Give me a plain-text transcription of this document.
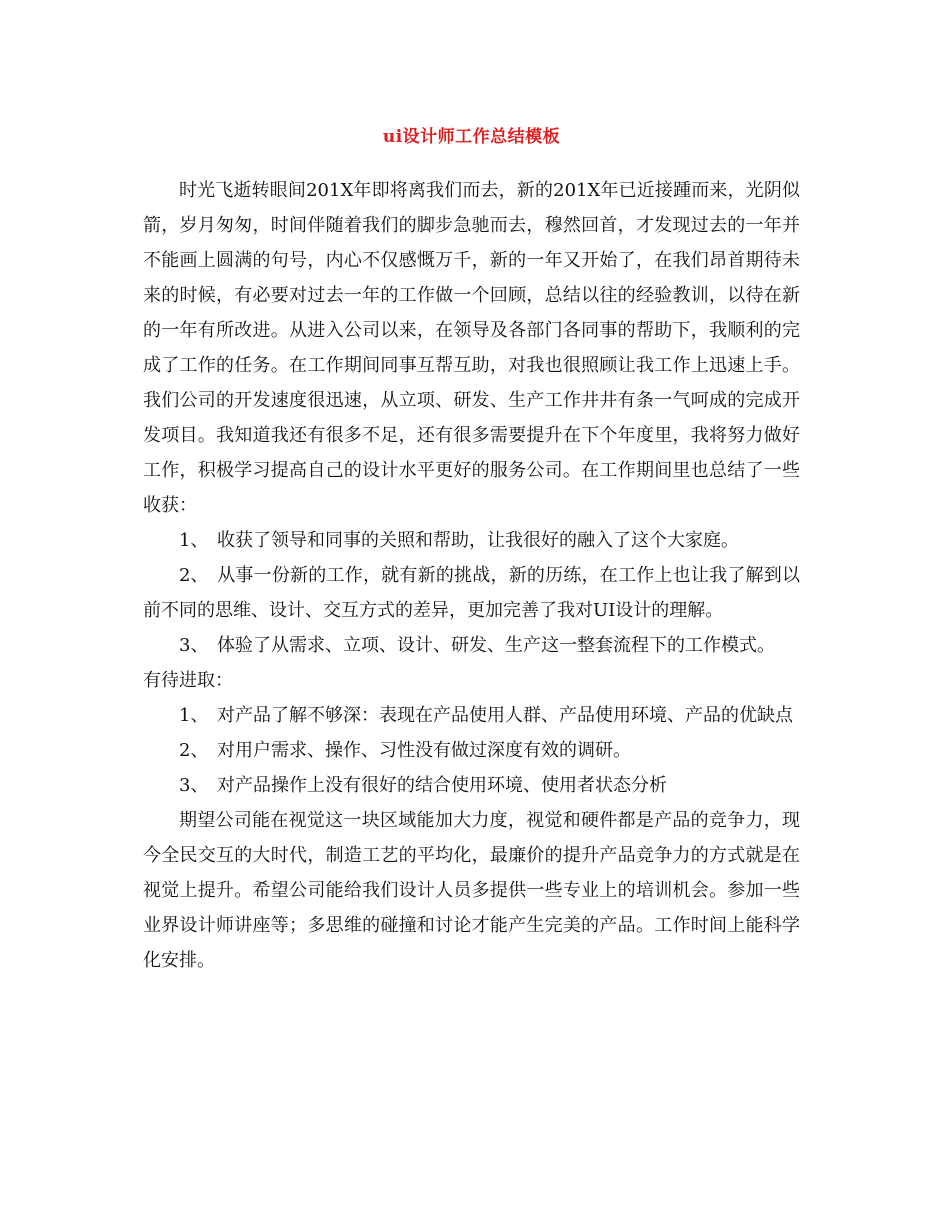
ui设计师工作总结模板

时光飞逝转眼间201X年即将离我们而去，新的201X年已近接踵而来，光阴似箭，岁月匆匆，时间伴随着我们的脚步急驰而去，穆然回首，才发现过去的一年并不能画上圆满的句号，内心不仅感慨万千，新的一年又开始了，在我们昂首期待未来的时候，有必要对过去一年的工作做一个回顾，总结以往的经验教训，以待在新的一年有所改进。从进入公司以来，在领导及各部门各同事的帮助下，我顺利的完成了工作的任务。在工作期间同事互帮互助，对我也很照顾让我工作上迅速上手。我们公司的开发速度很迅速，从立项、研发、生产工作井井有条一气呵成的完成开发项目。我知道我还有很多不足，还有很多需要提升在下个年度里，我将努力做好工作，积极学习提高自己的设计水平更好的服务公司。在工作期间里也总结了一些收获：

1、 收获了领导和同事的关照和帮助，让我很好的融入了这个大家庭。

2、 从事一份新的工作，就有新的挑战，新的历练，在工作上也让我了解到以前不同的思维、设计、交互方式的差异，更加完善了我对UI设计的理解。

3、 体验了从需求、立项、设计、研发、生产这一整套流程下的工作模式。

有待进取：

1、 对产品了解不够深：表现在产品使用人群、产品使用环境、产品的优缺点

2、 对用户需求、操作、习性没有做过深度有效的调研。

3、 对产品操作上没有很好的结合使用环境、使用者状态分析

期望公司能在视觉这一块区域能加大力度，视觉和硬件都是产品的竞争力，现今全民交互的大时代，制造工艺的平均化，最廉价的提升产品竞争力的方式就是在视觉上提升。希望公司能给我们设计人员多提供一些专业上的培训机会。参加一些业界设计师讲座等；多思维的碰撞和讨论才能产生完美的产品。工作时间上能科学化安排。
